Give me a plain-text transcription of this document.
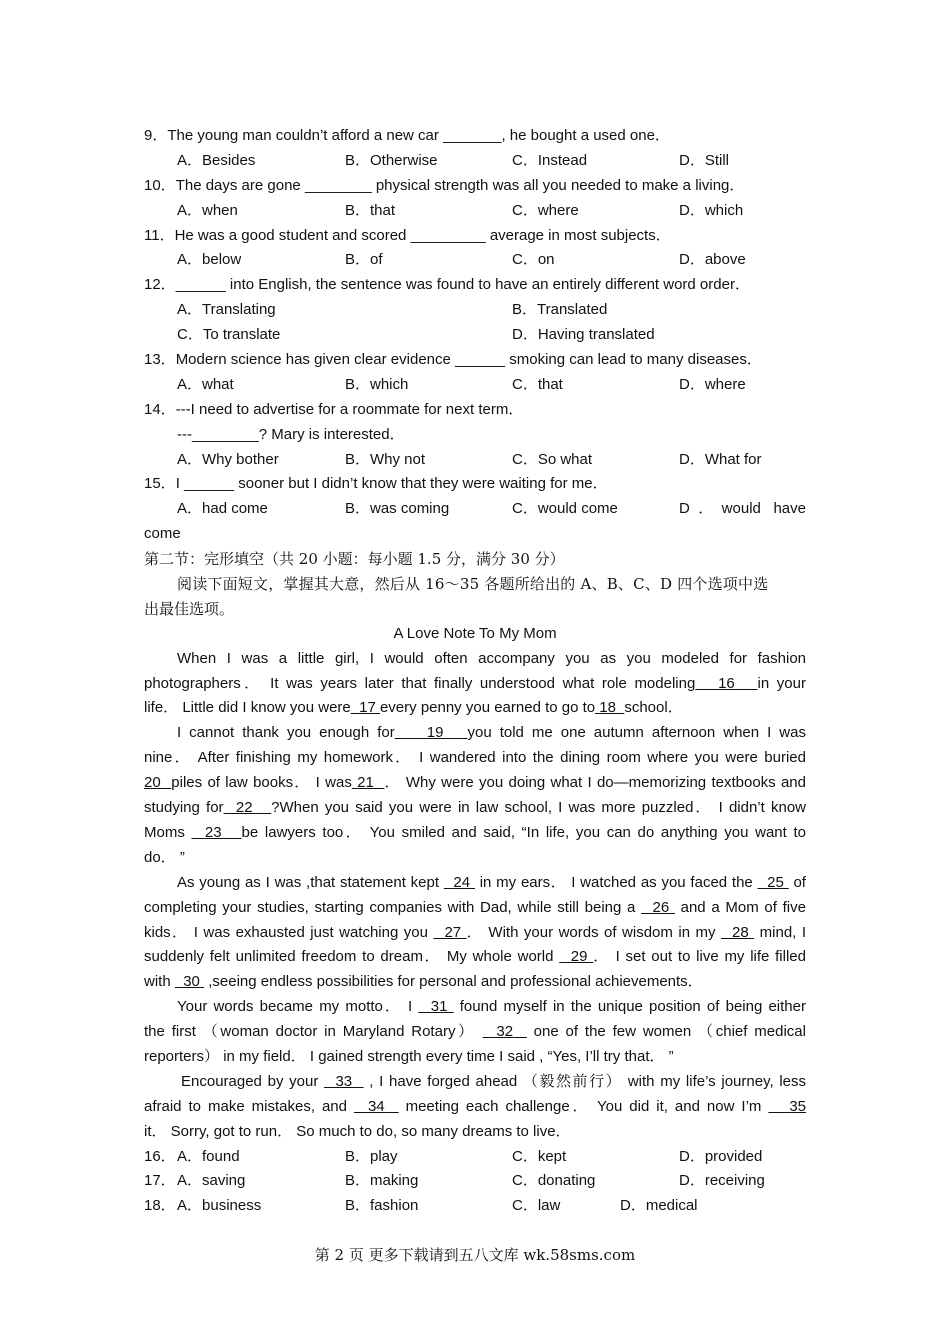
9．The young man couldn’t afford a new car _______, he bought a used one．
A．Besides	B．Otherwise	C．Instead	D．Still
10．The days are gone ________ physical strength was all you needed to make a living．
A．when	B．that	C．where	D．which
11．He was a good student and scored _________ average in most subjects．
A．below	B．of	C．on	D．above
12．______ into English, the sentence was found to have an entirely different word order．
A．Translating	B．Translated
C．To translate	D．Having translated
13．Modern science has given clear evidence ______ smoking can lead to many diseases．
A．what	B．which	C．that	D．where
14．---I need to advertise for a roommate for next term．
---________? Mary is interested．
A．Why bother	B．Why not	C．So what	D．What for
15．I ______ sooner but I didn’t know that they were waiting for me．
A．had come	B．was coming	C．would come	D．would have
come
第二节：完形填空（共 20 小题：每小题 1.5 分，满分 30 分）
阅读下面短文，掌握其大意，然后从 16～35 各题所给出的 A、B、C、D 四个选项中选
出最佳选项。
A Love Note To My Mom
When I was a little girl, I would often accompany you as you modeled for fashion
photographers． It was years later that finally understood what role modeling 16 in your
life． Little did I know you were 17 every penny you earned to go to 18 school．
I cannot thank you enough for 19 you told me one autumn afternoon when I was
nine． After finishing my homework． I wandered into the dining room where you were buried
20 piles of law books． I was 21 ． Why were you doing what I do—memorizing textbooks and
studying for 22 ?When you said you were in law school, I was more puzzled． I didn’t know
Moms 23 be lawyers too． You smiled and said, “In life, you can do anything you want to
do． ”
As young as I was ,that statement kept 24 in my ears． I watched as you faced the 25 of
completing your studies, starting companies with Dad, while still being a 26 and a Mom of five
kids． I was exhausted just watching you 27 ． With your words of wisdom in my 28 mind, I
suddenly felt unlimited freedom to dream． My whole world 29 ． I set out to live my life filled
with 30 ,seeing endless possibilities for personal and professional achievements．
Your words became my motto． I 31 found myself in the unique position of being either
the first （woman doctor in Maryland Rotary） 32 one of the few women （chief medical
reporters） in my field． I gained strength every time I said , “Yes, I’ll try that． ”
Encouraged by your 33 , I have forged ahead （毅然前行） with my life’s journey, less
afraid to make mistakes, and 34 meeting each challenge． You did it, and now I’m 35
it． Sorry, got to run． So much to do, so many dreams to live．
16． A．found	B．play	C．kept	D．provided
17． A．saving	B．making	C．donating	D．receiving
18． A．business	B．fashion	C．law	D．medical
第 2 页 更多下载请到五八文库 wk.58sms.com
